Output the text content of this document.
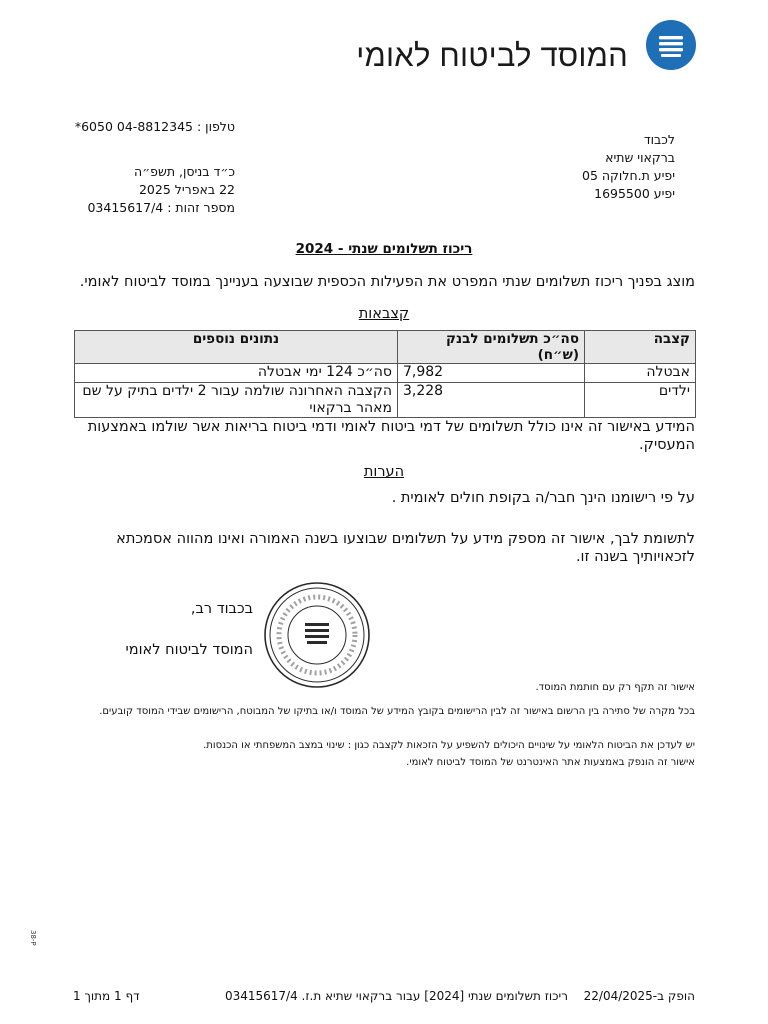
המוסד לביטוח לאומי
טלפון : 04-8812345 6050*
לכבוד
ברקאוי שתיא
יפיע ת.חלוקה 05
יפיע 1695500
כ״ד בניסן, תשפ״ה
22 באפריל 2025
מספר זהות : 03415617/4
ריכוז תשלומים שנתי - 2024
מוצג בפניך ריכוז תשלומים שנתי המפרט את הפעילות הכספית שבוצעה בעניינך במוסד לביטוח לאומי.
קצבאות
קצבה	סה״כ תשלומים לבנק (ש״ח)	נתונים נוספים
אבטלה	7,982	סה״כ 124 ימי אבטלה
ילדים	3,228	הקצבה האחרונה שולמה עבור 2 ילדים בתיק על שם מאהר ברקאוי
המידע באישור זה אינו כולל תשלומים של דמי ביטוח לאומי ודמי ביטוח בריאות אשר שולמו באמצעות המעסיק.
הערות
על פי רישומנו הינך חבר/ה בקופת חולים לאומית .
לתשומת לבך, אישור זה מספק מידע על תשלומים שבוצעו בשנה האמורה ואינו מהווה אסמכתא לזכאויותיך בשנה זו.
בכבוד רב,
המוסד לביטוח לאומי
אישור זה תקף רק עם חותמת המוסד.
בכל מקרה של סתירה בין הרשום באישור זה לבין הרישומים בקובץ המידע של המוסד ו/או בתיקו של המבוטח, הרישומים שבידי המוסד קובעים.
יש לעדכן את הביטוח הלאומי על שינויים היכולים להשפיע על הזכאות לקצבה כגון : שינוי במצב המשפחתי או הכנסות.
אישור זה הונפק באמצעות אתר האינטרנט של המוסד לביטוח לאומי.
38-P
הופק ב-22/04/2025
ריכוז תשלומים שנתי [2024] עבור ברקאוי שתיא ת.ז. 03415617/4
דף 1 מתוך 1
